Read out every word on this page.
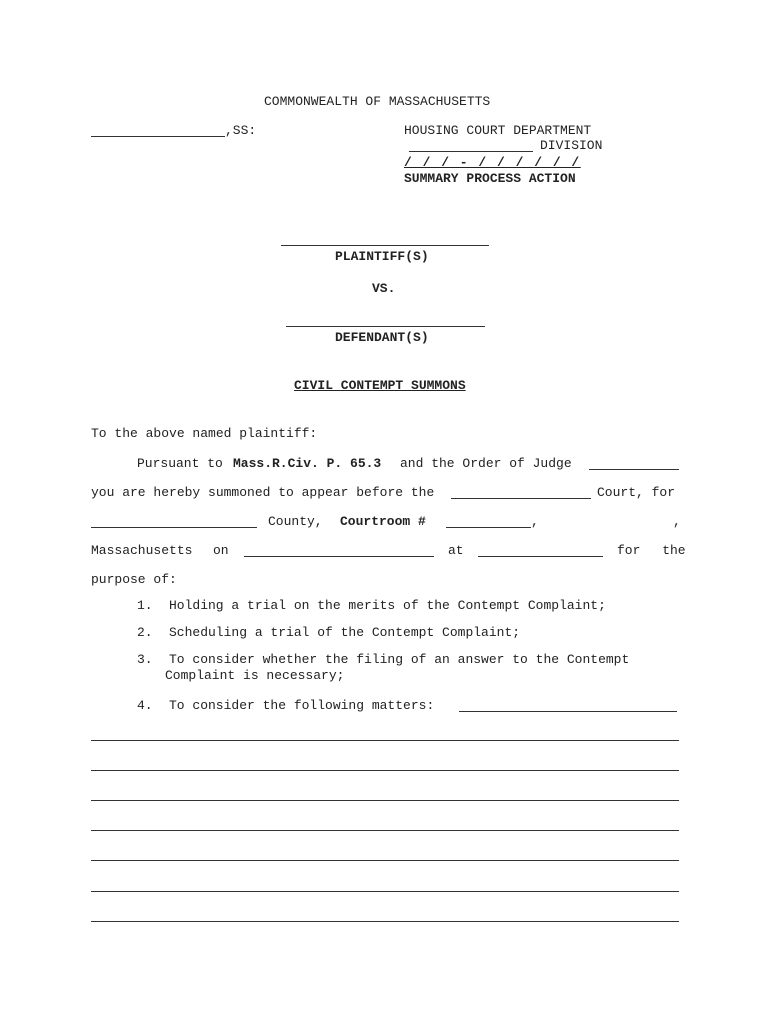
COMMONWEALTH OF MASSACHUSETTS
,SS:	HOUSING COURT DEPARTMENT
DIVISION
/ / / - / / / / / /
SUMMARY PROCESS ACTION
PLAINTIFF(S)
VS.
DEFENDANT(S)
CIVIL CONTEMPT SUMMONS
To the above named plaintiff:
Pursuant to Mass.R.Civ. P. 65.3 and the Order of Judge
you are hereby summoned to appear before the	Court, for
County, Courtroom #	,	,
Massachusetts on	at	for the
purpose of:
1. Holding a trial on the merits of the Contempt Complaint;
2. Scheduling a trial of the Contempt Complaint;
3. To consider whether the filing of an answer to the Contempt
Complaint is necessary;
4. To consider the following matters:
